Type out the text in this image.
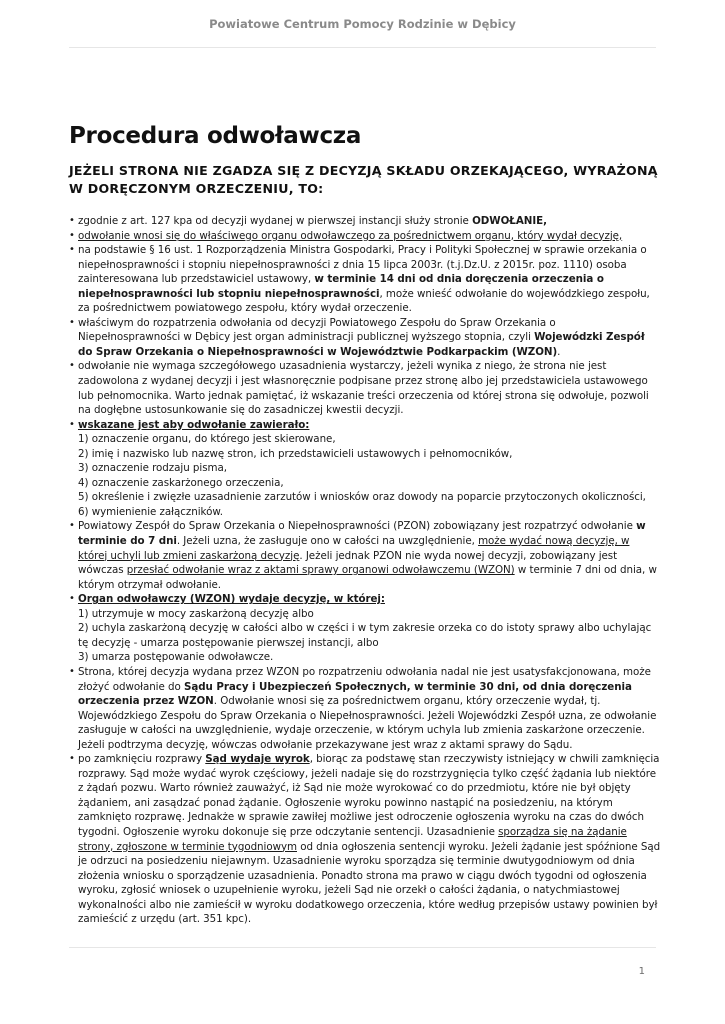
Powiatowe Centrum Pomocy Rodzinie w Dębicy
Procedura odwoławcza
JEŻELI STRONA NIE ZGADZA SIĘ Z DECYZJĄ SKŁADU ORZEKAJĄCEGO, WYRAŻONĄ W DORĘCZONYM ORZECZENIU, TO:
• zgodnie z art. 127 kpa od decyzji wydanej w pierwszej instancji służy stronie ODWOŁANIE,
• odwołanie wnosi się do właściwego organu odwoławczego za pośrednictwem organu, który wydał decyzję,
• na podstawie § 16 ust. 1 Rozporządzenia Ministra Gospodarki, Pracy i Polityki Społecznej w sprawie orzekania o niepełnosprawności i stopniu niepełnosprawności z dnia 15 lipca 2003r. (t.j.Dz.U. z 2015r. poz. 1110) osoba zainteresowana lub przedstawiciel ustawowy, w terminie 14 dni od dnia doręczenia orzeczenia o niepełnosprawności lub stopniu niepełnosprawności, może wnieść odwołanie do wojewódzkiego zespołu, za pośrednictwem powiatowego zespołu, który wydał orzeczenie.
• właściwym do rozpatrzenia odwołania od decyzji Powiatowego Zespołu do Spraw Orzekania o Niepełnosprawności w Dębicy jest organ administracji publicznej wyższego stopnia, czyli Wojewódzki Zespół do Spraw Orzekania o Niepełnosprawności w Województwie Podkarpackim (WZON).
• odwołanie nie wymaga szczegółowego uzasadnienia wystarczy, jeżeli wynika z niego, że strona nie jest zadowolona z wydanej decyzji i jest własnoręcznie podpisane przez stronę albo jej przedstawiciela ustawowego lub pełnomocnika. Warto jednak pamiętać, iż wskazanie treści orzeczenia od której strona się odwołuje, pozwoli na dogłębne ustosunkowanie się do zasadniczej kwestii decyzji.
• wskazane jest aby odwołanie zawierało:
1) oznaczenie organu, do którego jest skierowane,
2) imię i nazwisko lub nazwę stron, ich przedstawicieli ustawowych i pełnomocników,
3) oznaczenie rodzaju pisma,
4) oznaczenie zaskarżonego orzeczenia,
5) określenie i zwięzłe uzasadnienie zarzutów i wniosków oraz dowody na poparcie przytoczonych okoliczności,
6) wymienienie załączników.
• Powiatowy Zespół do Spraw Orzekania o Niepełnosprawności (PZON) zobowiązany jest rozpatrzyć odwołanie w terminie do 7 dni. Jeżeli uzna, że zasługuje ono w całości na uwzględnienie, może wydać nową decyzję, w której uchyli lub zmieni zaskarżoną decyzję. Jeżeli jednak PZON nie wyda nowej decyzji, zobowiązany jest wówczas przesłać odwołanie wraz z aktami sprawy organowi odwoławczemu (WZON) w terminie 7 dni od dnia, w którym otrzymał odwołanie.
• Organ odwoławczy (WZON) wydaje decyzję, w której:
1) utrzymuje w mocy zaskarżoną decyzję albo
2) uchyla zaskarżoną decyzję w całości albo w części i w tym zakresie orzeka co do istoty sprawy albo uchylając tę decyzję - umarza postępowanie pierwszej instancji, albo
3) umarza postępowanie odwoławcze.
• Strona, której decyzja wydana przez WZON po rozpatrzeniu odwołania nadal nie jest usatysfakcjonowana, może złożyć odwołanie do Sądu Pracy i Ubezpieczeń Społecznych, w terminie 30 dni, od dnia doręczenia orzeczenia przez WZON. Odwołanie wnosi się za pośrednictwem organu, który orzeczenie wydał, tj. Wojewódzkiego Zespołu do Spraw Orzekania o Niepełnosprawności. Jeżeli Wojewódzki Zespół uzna, ze odwołanie zasługuje w całości na uwzględnienie, wydaje orzeczenie, w którym uchyla lub zmienia zaskarżone orzeczenie. Jeżeli podtrzyma decyzję, wówczas odwołanie przekazywane jest wraz z aktami sprawy do Sądu.
• po zamknięciu rozprawy Sąd wydaje wyrok, biorąc za podstawę stan rzeczywisty istniejący w chwili zamknięcia rozprawy. Sąd może wydać wyrok częściowy, jeżeli nadaje się do rozstrzygnięcia tylko część żądania lub niektóre z żądań pozwu. Warto również zauważyć, iż Sąd nie może wyrokować co do przedmiotu, które nie był objęty żądaniem, ani zasądzać ponad żądanie. Ogłoszenie wyroku powinno nastąpić na posiedzeniu, na którym zamknięto rozprawę. Jednakże w sprawie zawiłej możliwe jest odroczenie ogłoszenia wyroku na czas do dwóch tygodni. Ogłoszenie wyroku dokonuje się prze odczytanie sentencji. Uzasadnienie sporządza się na żądanie strony, zgłoszone w terminie tygodniowym od dnia ogłoszenia sentencji wyroku. Jeżeli żądanie jest spóźnione Sąd je odrzuci na posiedzeniu niejawnym. Uzasadnienie wyroku sporządza się terminie dwutygodniowym od dnia złożenia wniosku o sporządzenie uzasadnienia. Ponadto strona ma prawo w ciągu dwóch tygodni od ogłoszenia wyroku, zgłosić wniosek o uzupełnienie wyroku, jeżeli Sąd nie orzekł o całości żądania, o natychmiastowej wykonalności albo nie zamieścił w wyroku dodatkowego orzeczenia, które według przepisów ustawy powinien był zamieścić z urzędu (art. 351 kpc).
1
